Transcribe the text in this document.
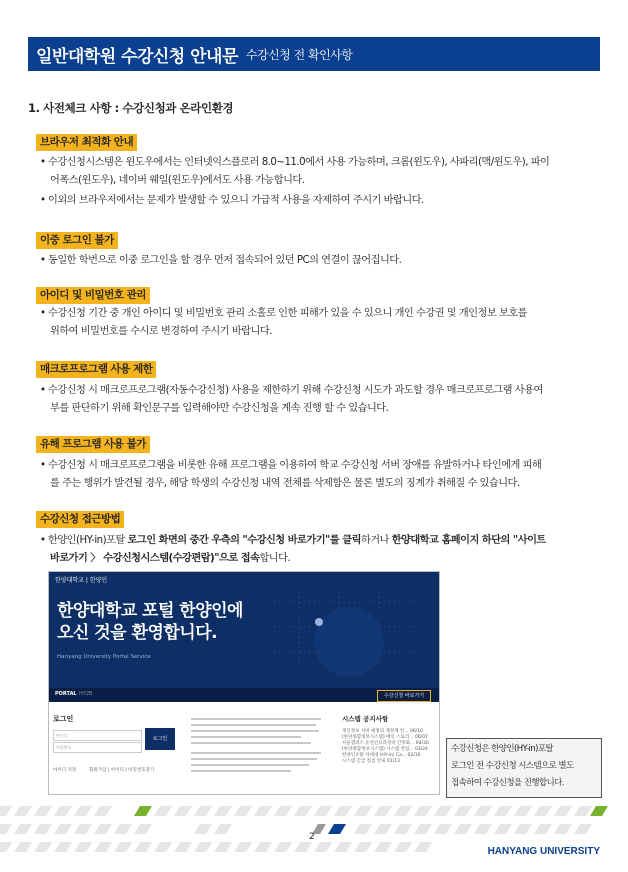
일반대학원 수강신청 안내문 수강신청 전 확인사항
1. 사전체크 사항 : 수강신청과 온라인환경
브라우저 최적화 안내
• 수강신청시스템은 윈도우에서는 인터넷익스플로러 8.0~11.0에서 사용 가능하며, 크롬(윈도우), 사파리(맥/윈도우), 파이
어폭스(윈도우), 네이버 웨일(윈도우)에서도 사용 가능합니다.
• 이외의 브라우저에서는 문제가 발생할 수 있으니 가급적 사용을 자제하여 주시기 바랍니다.
이중 로그인 불가
• 동일한 학번으로 이중 로그인을 할 경우 먼저 접속되어 있던 PC의 연결이 끊어집니다.
아이디 및 비밀번호 관리
• 수강신청 기간 중 개인 아이디 및 비밀번호 관리 소홀로 인한 피해가 있을 수 있으니 개인 수강권 및 개인정보 보호를
위하여 비밀번호를 수시로 변경하여 주시기 바랍니다.
매크로프로그램 사용 제한
• 수강신청 시 매크로프로그램(자동수강신청) 사용을 제한하기 위해 수강신청 시도가 과도할 경우 매크로프로그램 사용여
부를 판단하기 위해 확인문구를 입력해야만 수강신청을 계속 진행 할 수 있습니다.
유해 프로그램 사용 불가
• 수강신청 시 매크로프로그램을 비롯한 유해 프로그램을 이용하여 학교 수강신청 서버 장애를 유발하거나 타인에게 피해
를 주는 행위가 발견될 경우, 해당 학생의 수강신청 내역 전체를 삭제함은 물론 별도의 징계가 취해질 수 있습니다.
수강신청 접근방법
• 한양인(HY-in)포탈 로그인 화면의 중간 우측의 "수강신청 바로가기"를 클릭하거나 한양대학교 홈페이지 하단의 "사이트
바로가기 〉 수강신청시스템(수강편람)"으로 접속합니다.
한양대학교 | 한양인
한양대학교 포털 한양인에
오신 것을 환영합니다.
Hanyang University Portal Service
PORTAL HY2B	수강신청 바로가기
로그인
아이디
비밀번호
로그인
아이디 저장	회원가입 | 아이디 / 비밀번호찾기
시스템 공지사항
개인정보 서비 예정의 계정계 안... 06/10
[한양종합정보시스템] 메신 스토리... 06/07
서울캠퍼스 유선인프라설비 안정화... 04/30
[한양종합정보시스템] 시스템 작업... 03/24
한양인포탈 자세대 (HY-in) Ca... 02/16
시스템 긴급 점검 안내 01/13
수강신청은 한양인(HY-in)포탈
로그인 전 수강신청 시스템으로 별도
접속하여 수강신청을 진행합니다.
2
HANYANG UNIVERSITY
